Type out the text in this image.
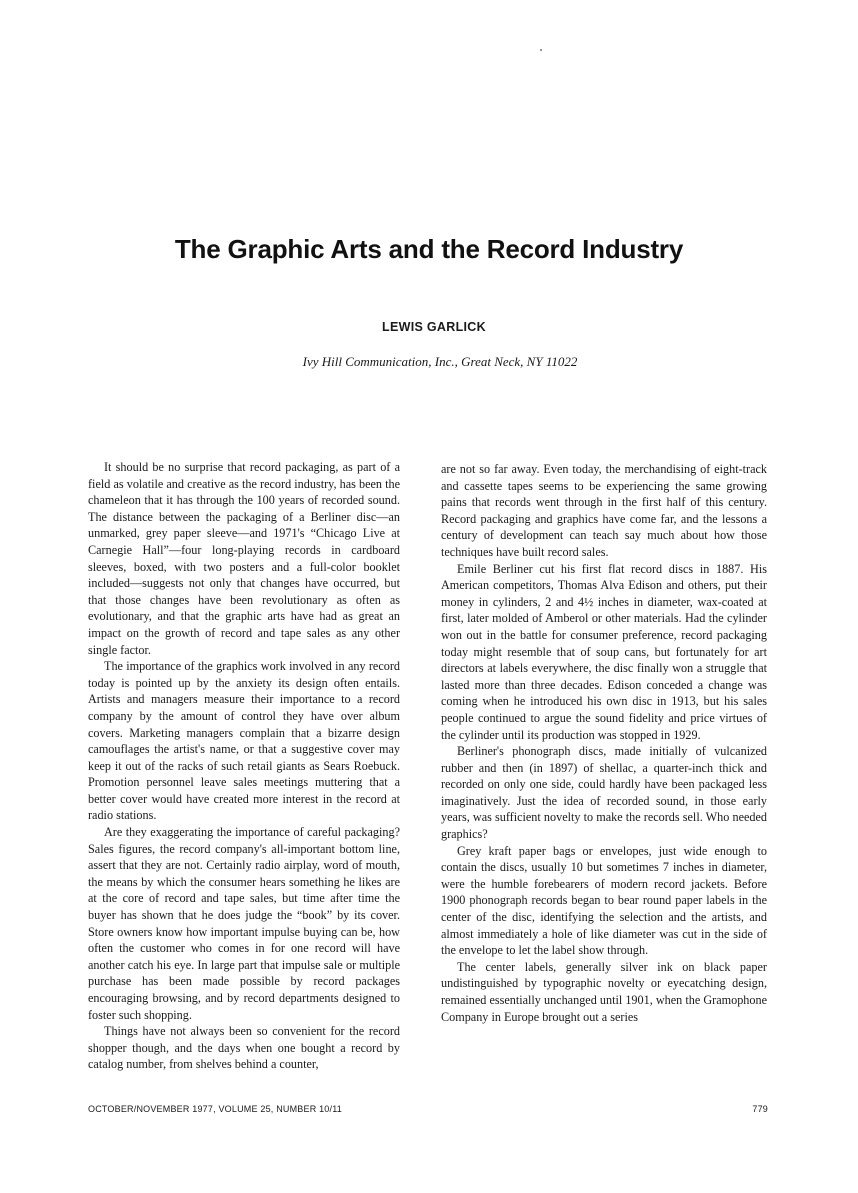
The Graphic Arts and the Record Industry
LEWIS GARLICK
Ivy Hill Communication, Inc., Great Neck, NY 11022

It should be no surprise that record packaging, as part of a field as volatile and creative as the record industry, has been the chameleon that it has through the 100 years of recorded sound. The distance between the packaging of a Berliner disc—an unmarked, grey paper sleeve—and 1971's “Chicago Live at Carnegie Hall”—four long-playing records in cardboard sleeves, boxed, with two posters and a full-color booklet included—suggests not only that changes have occurred, but that those changes have been revolutionary as often as evolutionary, and that the graphic arts have had as great an impact on the growth of record and tape sales as any other single factor.

The importance of the graphics work involved in any record today is pointed up by the anxiety its design often entails. Artists and managers measure their importance to a record company by the amount of control they have over album covers. Marketing managers complain that a bizarre design camouflages the artist's name, or that a suggestive cover may keep it out of the racks of such retail giants as Sears Roebuck. Promotion personnel leave sales meetings muttering that a better cover would have created more interest in the record at radio stations.

Are they exaggerating the importance of careful packaging? Sales figures, the record company's all-important bottom line, assert that they are not. Certainly radio airplay, word of mouth, the means by which the consumer hears something he likes are at the core of record and tape sales, but time after time the buyer has shown that he does judge the “book” by its cover. Store owners know how important impulse buying can be, how often the customer who comes in for one record will have another catch his eye. In large part that impulse sale or multiple purchase has been made possible by record packages encouraging browsing, and by record departments designed to foster such shopping.

Things have not always been so convenient for the record shopper though, and the days when one bought a record by catalog number, from shelves behind a counter,

are not so far away. Even today, the merchandising of eight-track and cassette tapes seems to be experiencing the same growing pains that records went through in the first half of this century. Record packaging and graphics have come far, and the lessons a century of development can teach say much about how those techniques have built record sales.

Emile Berliner cut his first flat record discs in 1887. His American competitors, Thomas Alva Edison and others, put their money in cylinders, 2 and 4½ inches in diameter, wax-coated at first, later molded of Amberol or other materials. Had the cylinder won out in the battle for consumer preference, record packaging today might resemble that of soup cans, but fortunately for art directors at labels everywhere, the disc finally won a struggle that lasted more than three decades. Edison conceded a change was coming when he introduced his own disc in 1913, but his sales people continued to argue the sound fidelity and price virtues of the cylinder until its production was stopped in 1929.

Berliner's phonograph discs, made initially of vulcanized rubber and then (in 1897) of shellac, a quarter-inch thick and recorded on only one side, could hardly have been packaged less imaginatively. Just the idea of recorded sound, in those early years, was sufficient novelty to make the records sell. Who needed graphics?

Grey kraft paper bags or envelopes, just wide enough to contain the discs, usually 10 but sometimes 7 inches in diameter, were the humble forebearers of modern record jackets. Before 1900 phonograph records began to bear round paper labels in the center of the disc, identifying the selection and the artists, and almost immediately a hole of like diameter was cut in the side of the envelope to let the label show through.

The center labels, generally silver ink on black paper undistinguished by typographic novelty or eyecatching design, remained essentially unchanged until 1901, when the Gramophone Company in Europe brought out a series

OCTOBER/NOVEMBER 1977, VOLUME 25, NUMBER 10/11	779
